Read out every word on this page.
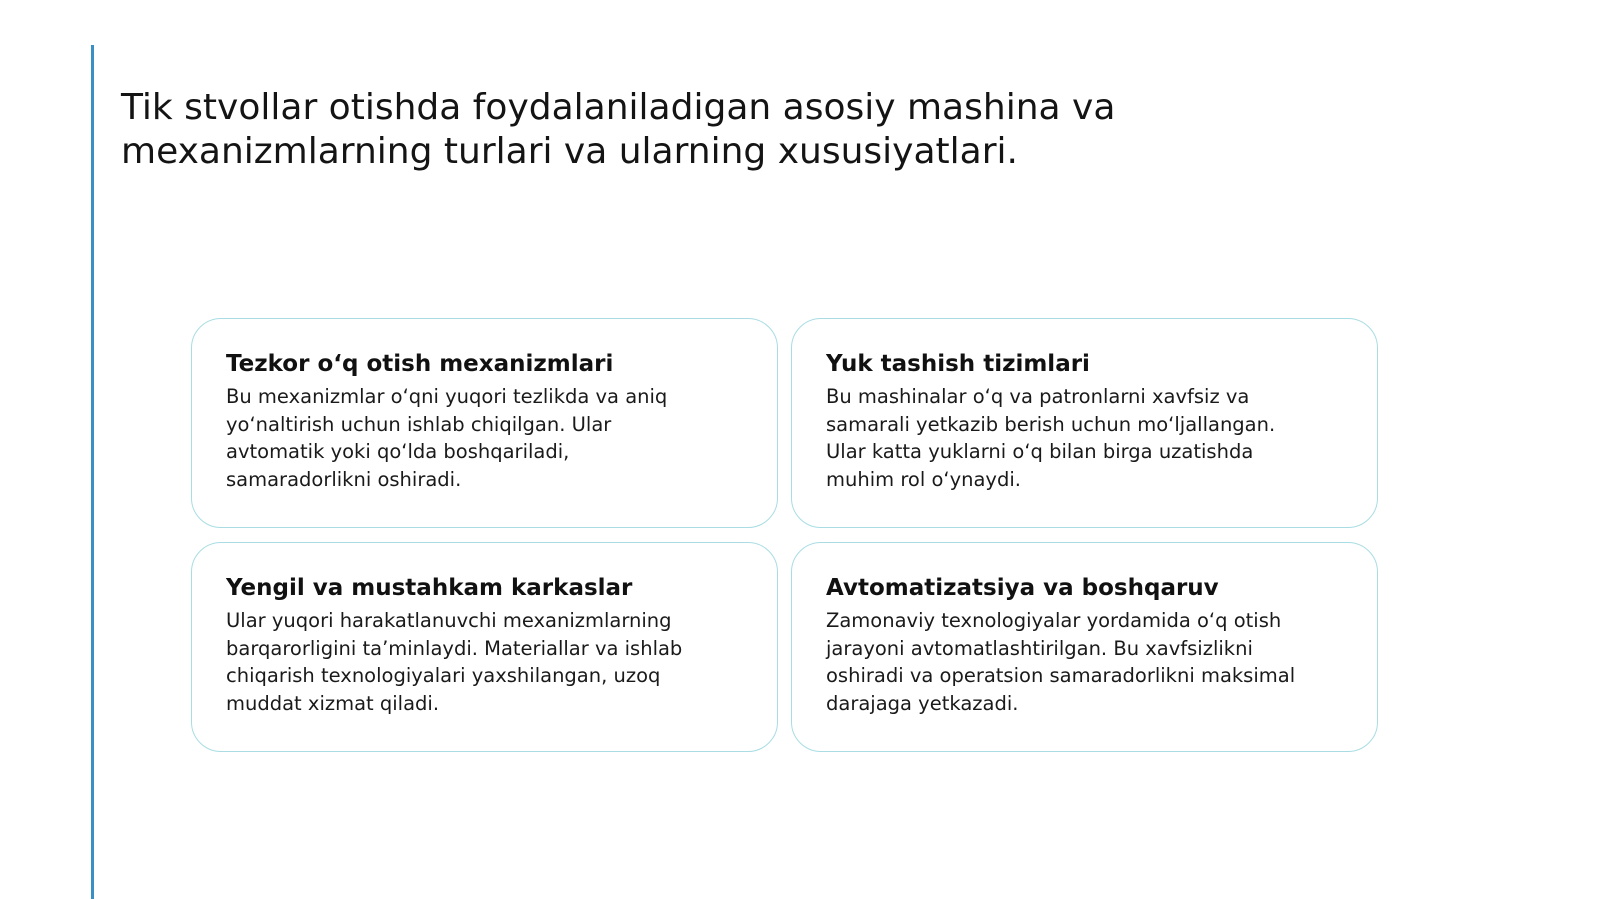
Tik stvollar otishda foydalaniladigan asosiy mashina va
mexanizmlarning turlari va ularning xususiyatlari.
Tezkor o‘q otish mexanizmlari

Bu mexanizmlar o‘qni yuqori tezlikda va aniq
yo‘naltirish uchun ishlab chiqilgan. Ular
avtomatik yoki qo‘lda boshqariladi,
samaradorlikni oshiradi.

Yuk tashish tizimlari

Bu mashinalar o‘q va patronlarni xavfsiz va
samarali yetkazib berish uchun mo‘ljallangan.
Ular katta yuklarni o‘q bilan birga uzatishda
muhim rol o‘ynaydi.

Yengil va mustahkam karkaslar

Ular yuqori harakatlanuvchi mexanizmlarning
barqarorligini ta’minlaydi. Materiallar va ishlab
chiqarish texnologiyalari yaxshilangan, uzoq
muddat xizmat qiladi.

Avtomatizatsiya va boshqaruv

Zamonaviy texnologiyalar yordamida o‘q otish
jarayoni avtomatlashtirilgan. Bu xavfsizlikni
oshiradi va operatsion samaradorlikni maksimal
darajaga yetkazadi.
